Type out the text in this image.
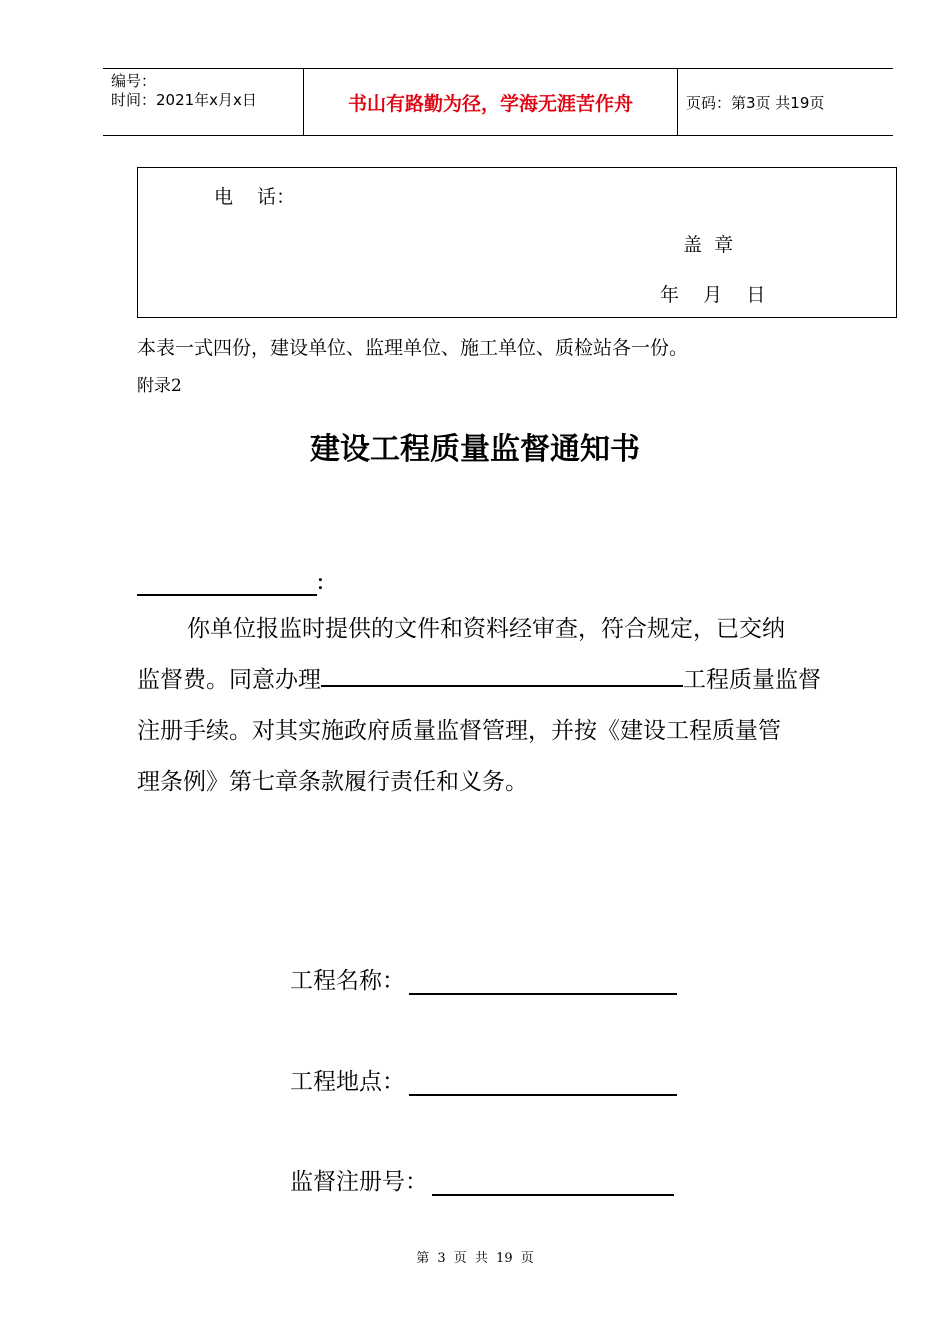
编号：
时间：2021年x月x日	书山有路勤为径，学海无涯苦作舟	页码：第3页 共19页
电    话：
盖  章
年    月    日
本表一式四份，建设单位、监理单位、施工单位、质检站各一份。
附录2
建设工程质量监督通知书
：
你单位报监时提供的文件和资料经审查，符合规定，已交纳
监督费。同意办理	工程质量监督
注册手续。对其实施政府质量监督管理，并按《建设工程质量管
理条例》第七章条款履行责任和义务。
工程名称：
工程地点：
监督注册号：
第 3 页 共 19 页
